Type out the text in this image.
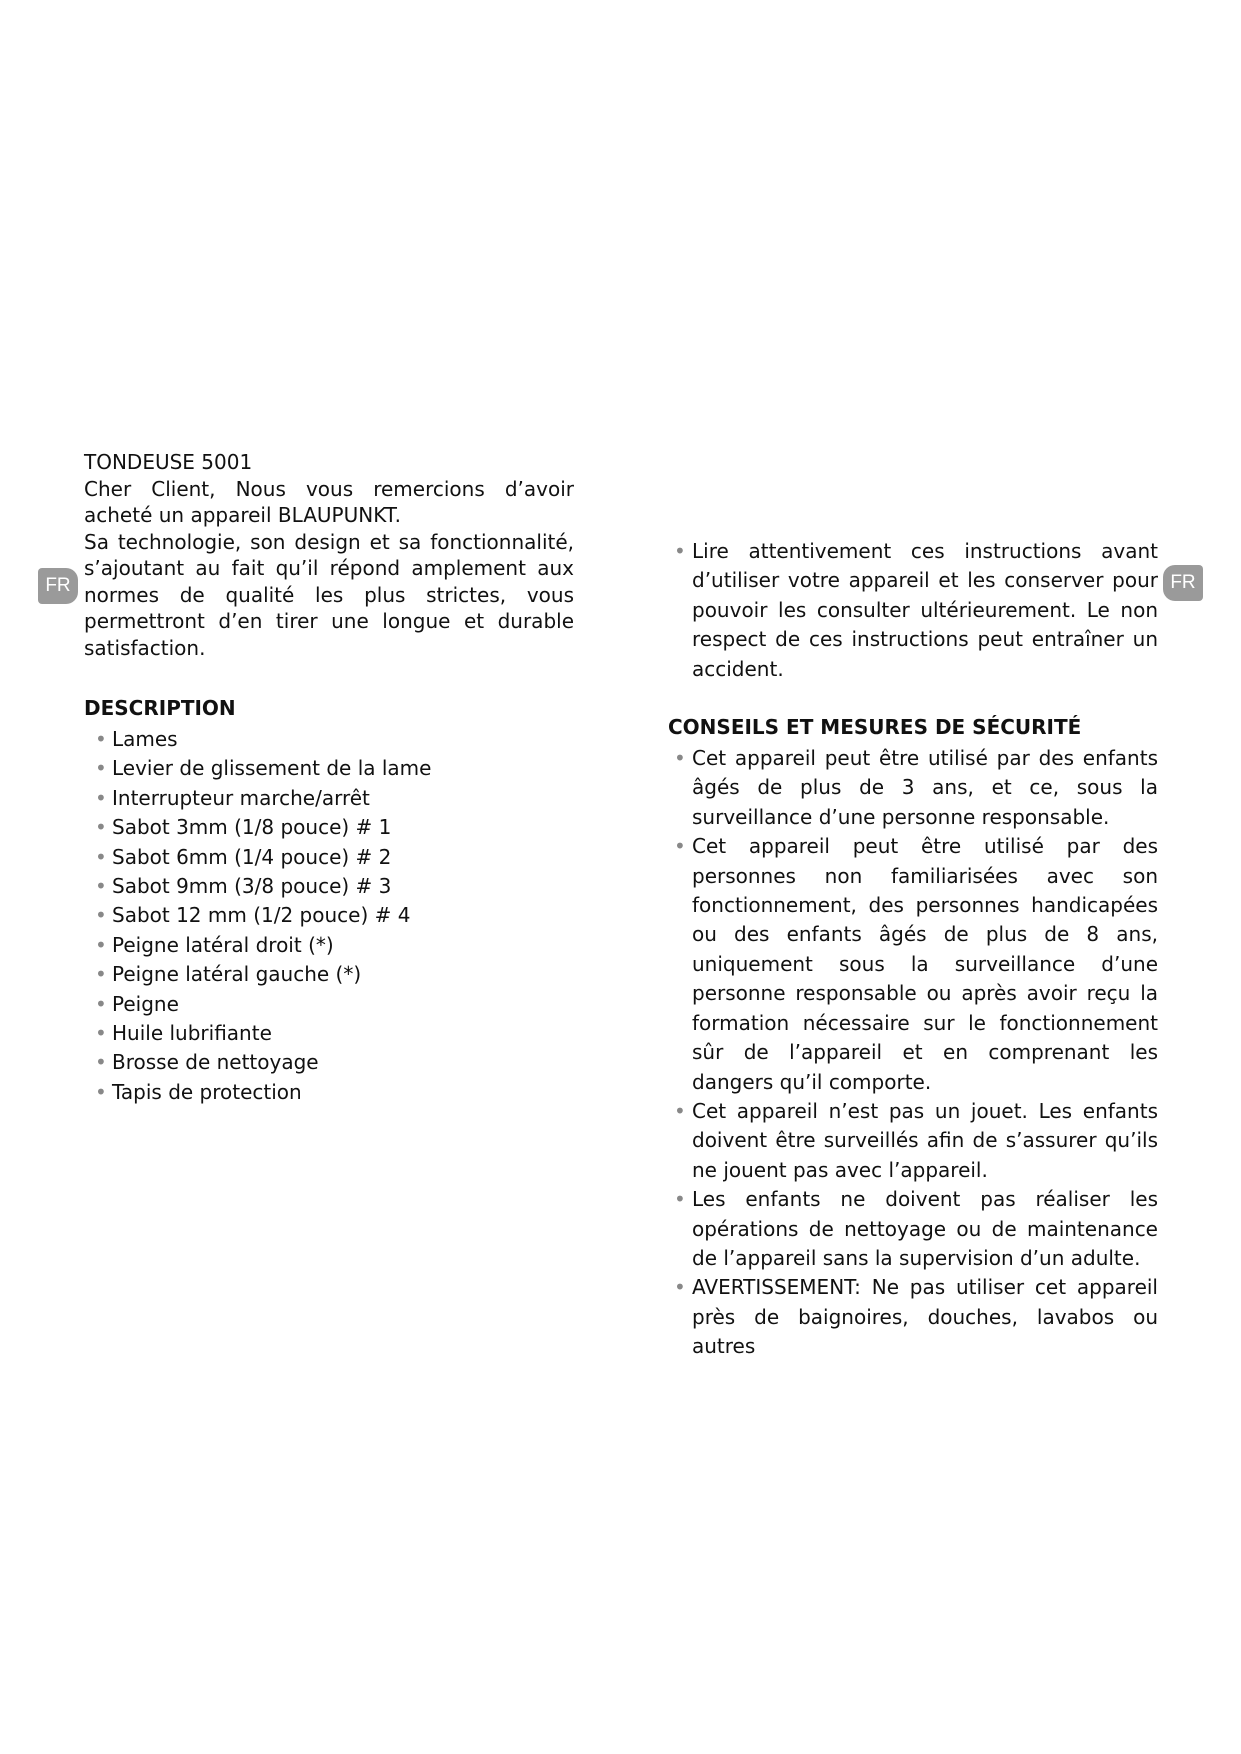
FR	FR

TONDEUSE 5001

Cher Client, Nous vous remercions d’avoir acheté un appareil BLAUPUNKT.

Sa technologie, son design et sa fonctionnalité, s’ajoutant au fait qu’il répond amplement aux normes de qualité les plus strictes, vous permettront d’en tirer une longue et durable satisfaction.

DESCRIPTION
• Lames
• Levier de glissement de la lame
• Interrupteur marche/arrêt
• Sabot 3mm (1/8 pouce) # 1
• Sabot 6mm (1/4 pouce) # 2
• Sabot 9mm (3/8 pouce) # 3
• Sabot 12 mm (1/2 pouce) # 4
• Peigne latéral droit (*)
• Peigne latéral gauche (*)
• Peigne
• Huile lubrifiante
• Brosse de nettoyage
• Tapis de protection
• Lire attentivement ces instructions avant d’utiliser votre appareil et les conserver pour pouvoir les consulter ultérieurement. Le non respect de ces instructions peut entraîner un accident.
CONSEILS ET MESURES DE SÉCURITÉ
• Cet appareil peut être utilisé par des enfants âgés de plus de 3 ans, et ce, sous la surveillance d’une personne responsable.
• Cet appareil peut être utilisé par des personnes non familiarisées avec son fonctionnement, des personnes handicapées ou des enfants âgés de plus de 8 ans, uniquement sous la surveillance d’une personne responsable ou après avoir reçu la formation nécessaire sur le fonctionnement sûr de l’appareil et en comprenant les dangers qu’il comporte.
• Cet appareil n’est pas un jouet. Les enfants doivent être surveillés afin de s’assurer qu’ils ne jouent pas avec l’appareil.
• Les enfants ne doivent pas réaliser les opérations de nettoyage ou de maintenance de l’appareil sans la supervision d’un adulte.
• AVERTISSEMENT: Ne pas utiliser cet appareil près de baignoires, douches, lavabos ou autres
